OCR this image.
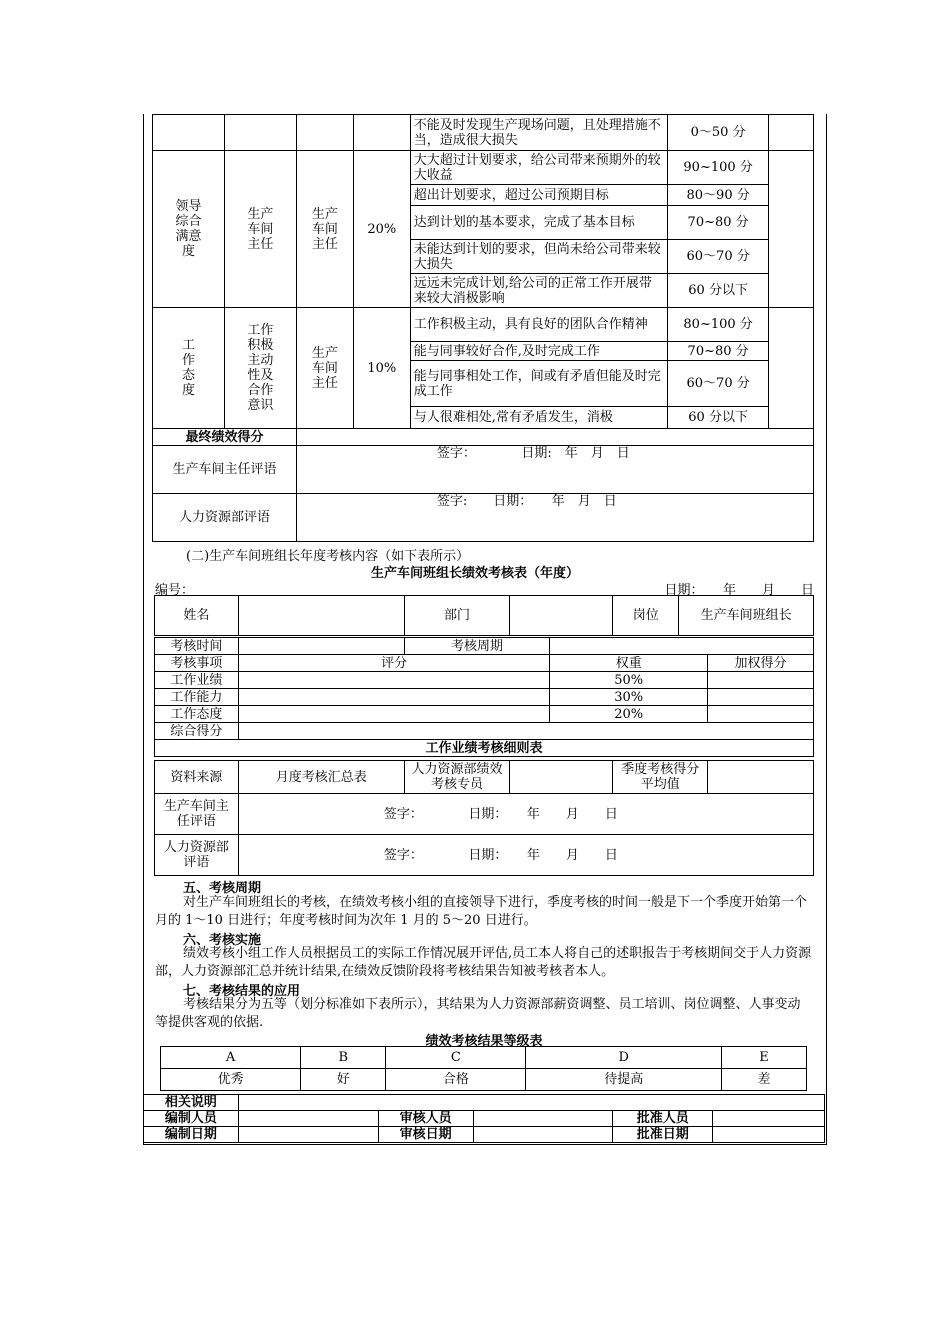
				不能及时发现生产现场问题，且处理措施不当，造成很大损失	0～50 分	
领导综合满意度	生产车间主任	生产车间主任	20%	大大超过计划要求，给公司带来预期外的较大收益	90~100 分	
				超出计划要求，超过公司预期目标	80～90 分	
				达到计划的基本要求，完成了基本目标	70~80 分	
				未能达到计划的要求，但尚未给公司带来较大损失	60～70 分	
				远远未完成计划,给公司的正常工作开展带来较大消极影响	60 分以下	
工作态度	工作积极主动性及合作意识	生产车间主任	10%	工作积极主动，具有良好的团队合作精神	80~100 分	
				能与同事较好合作,及时完成工作	70~80 分	
				能与同事相处工作，间或有矛盾但能及时完成工作	60～70 分	
				与人很难相处,常有矛盾发生，消极	60 分以下	
最终绩效得分						
生产车间主任评语		签字：　　　　日期:　年　月　日				
人力资源部评语		签字:　　日期：　　年　月　日				
(二)生产车间班组长年度考核内容（如下表所示）
生产车间班组长绩效考核表（年度）
编号：	日期：　　年　　月　　日
姓名		部门		岗位	生产车间班组长
考核时间		考核周期		
考核事项	评分		权重	加权得分
工作业绩			50%	
工作能力			30%	
工作态度			20%	
综合得分				
工作业绩考核细则表				
资料来源	月度考核汇总表	人力资源部绩效考核专员		季度考核得分平均值	
生产车间主任评语	签字：　　　　日期：　　年　　月　　日				
人力资源部评语	签字：　　　　日期：　　年　　月　　日				
五、考核周期
对生产车间班组长的考核，在绩效考核小组的直接领导下进行，季度考核的时间一般是下一个季度开始第一个月的 1～10 日进行；年度考核时间为次年 1 月的 5～20 日进行。
六、考核实施
绩效考核小组工作人员根据员工的实际工作情况展开评估,员工本人将自己的述职报告于考核期间交于人力资源部，人力资源部汇总并统计结果,在绩效反馈阶段将考核结果告知被考核者本人。
七、考核结果的应用
考核结果分为五等（划分标准如下表所示），其结果为人力资源部薪资调整、员工培训、岗位调整、人事变动等提供客观的依据.
绩效考核结果等级表
A	B	C	D	E
优秀	好	合格	待提高	差
相关说明					
编制人员		审核人员		批准人员	
编制日期		审核日期		批准日期	
